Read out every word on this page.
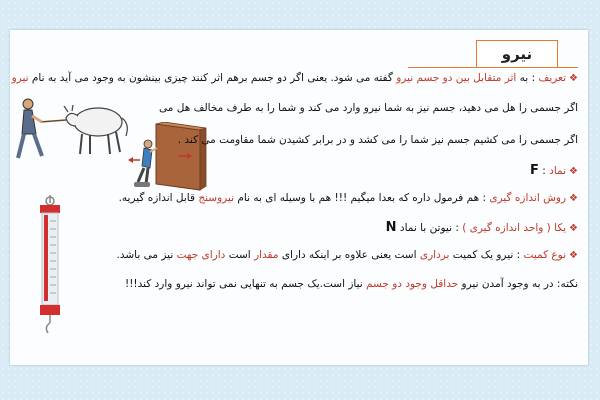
نیرو
❖تعریف : به اثر متقابل بین دو جسم نیرو گفته می شود. یعنی اگر دو جسم برهم اثر کنند چیزی بینشون به وجود می آید به نام نیرو
اگر جسمی را هل می دهید، جسم نیز به شما نیرو وارد می کند و شما را به طرف مخالف هل می
اگر جسمی را می کشیم جسم نیز شما را می کشد و در برابر کشیدن شما مقاومت می کند .
❖نماد : F
❖روش اندازه گیری : هم فرمول داره که بعدا میگیم !!! هم با وسیله ای به نام نیروسنج قابل اندازه گیریه.
❖یکا ( واحد اندازه گیری ) : نیوتن با نماد N
❖نوع کمیت : نیرو یک کمیت برداری است یعنی علاوه بر اینکه دارای مقدار است دارای جهت نیز می باشد.
نکته: در به وجود آمدن نیرو حداقل وجود دو جسم نیاز است.یک جسم به تنهایی نمی تواند نیرو وارد کند!!!
